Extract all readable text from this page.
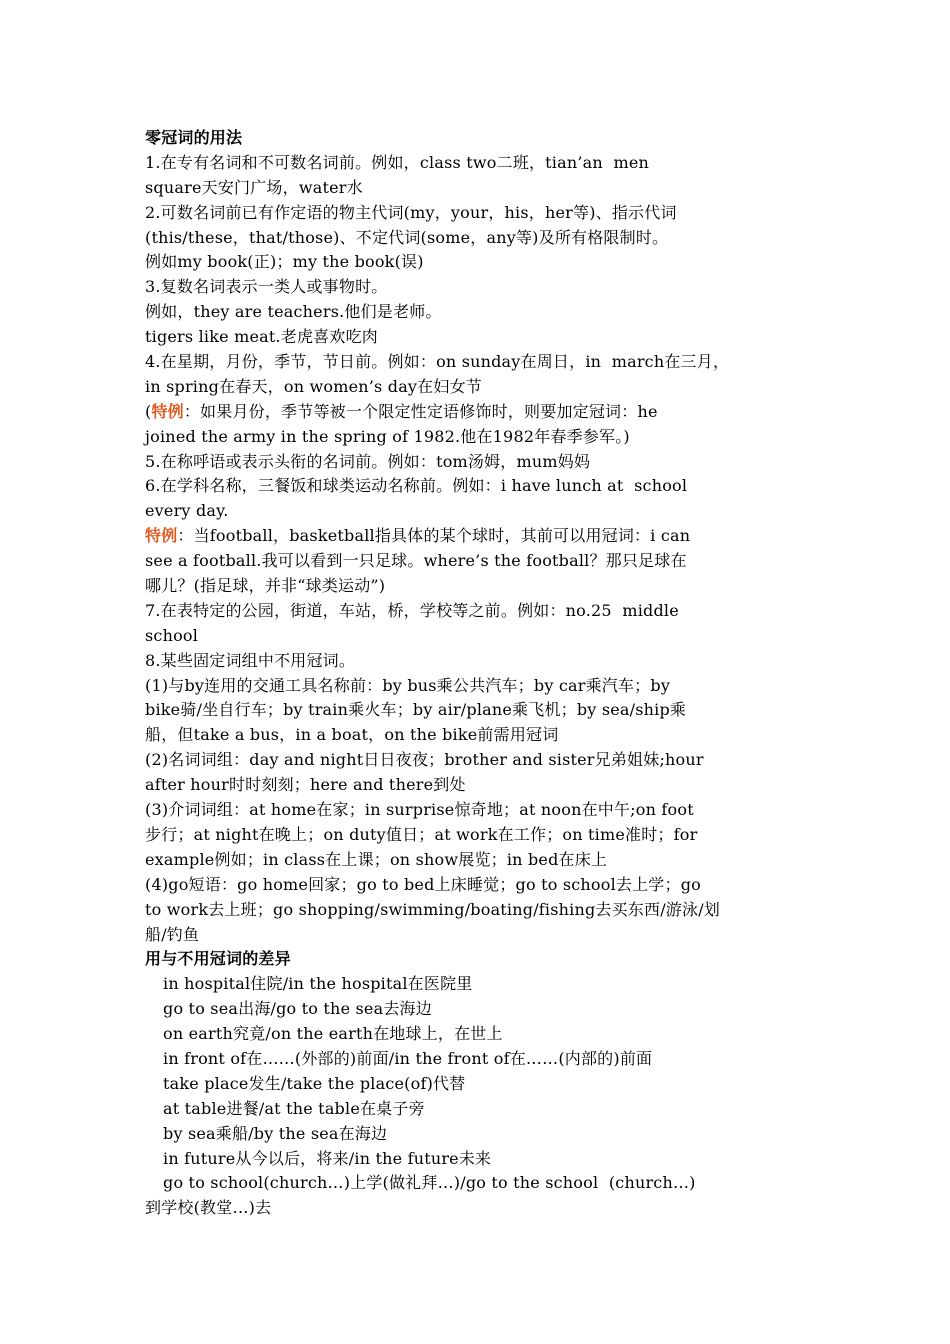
零冠词的用法
1.在专有名词和不可数名词前。例如，class two二班，tian’an  men
square天安门广场，water水
2.可数名词前已有作定语的物主代词(my，your，his，her等)、指示代词
(this/these，that/those)、不定代词(some，any等)及所有格限制时。
例如my book(正)；my the book(误)
3.复数名词表示一类人或事物时。
例如，they are teachers.他们是老师。
tigers like meat.老虎喜欢吃肉
4.在星期，月份，季节，节日前。例如：on sunday在周日，in  march在三月，
in spring在春天，on women’s day在妇女节
(特例：如果月份，季节等被一个限定性定语修饰时，则要加定冠词：he
joined the army in the spring of 1982.他在1982年春季参军。)
5.在称呼语或表示头衔的名词前。例如：tom汤姆，mum妈妈
6.在学科名称，三餐饭和球类运动名称前。例如：i have lunch at  school
every day.
特例：当football，basketball指具体的某个球时，其前可以用冠词：i can
see a football.我可以看到一只足球。where’s the football？那只足球在
哪儿？(指足球，并非“球类运动”)
7.在表特定的公园，街道，车站，桥，学校等之前。例如：no.25  middle
school
8.某些固定词组中不用冠词。
(1)与by连用的交通工具名称前：by bus乘公共汽车；by car乘汽车；by
bike骑/坐自行车；by train乘火车；by air/plane乘飞机；by sea/ship乘
船，但take a bus，in a boat，on the bike前需用冠词
(2)名词词组：day and night日日夜夜；brother and sister兄弟姐妹;hour
after hour时时刻刻；here and there到处
(3)介词词组：at home在家；in surprise惊奇地；at noon在中午;on foot
步行；at night在晚上；on duty值日；at work在工作；on time准时；for
example例如；in class在上课；on show展览；in bed在床上
(4)go短语：go home回家；go to bed上床睡觉；go to school去上学；go
to work去上班；go shopping/swimming/boating/fishing去买东西/游泳/划
船/钓鱼
用与不用冠词的差异
in hospital住院/in the hospital在医院里
go to sea出海/go to the sea去海边
on earth究竟/on the earth在地球上，在世上
in front of在……(外部的)前面/in the front of在……(内部的)前面
take place发生/take the place(of)代替
at table进餐/at the table在桌子旁
by sea乘船/by the sea在海边
in future从今以后，将来/in the future未来
go to school(church…)上学(做礼拜…)/go to the school  (church…)
到学校(教堂…)去
